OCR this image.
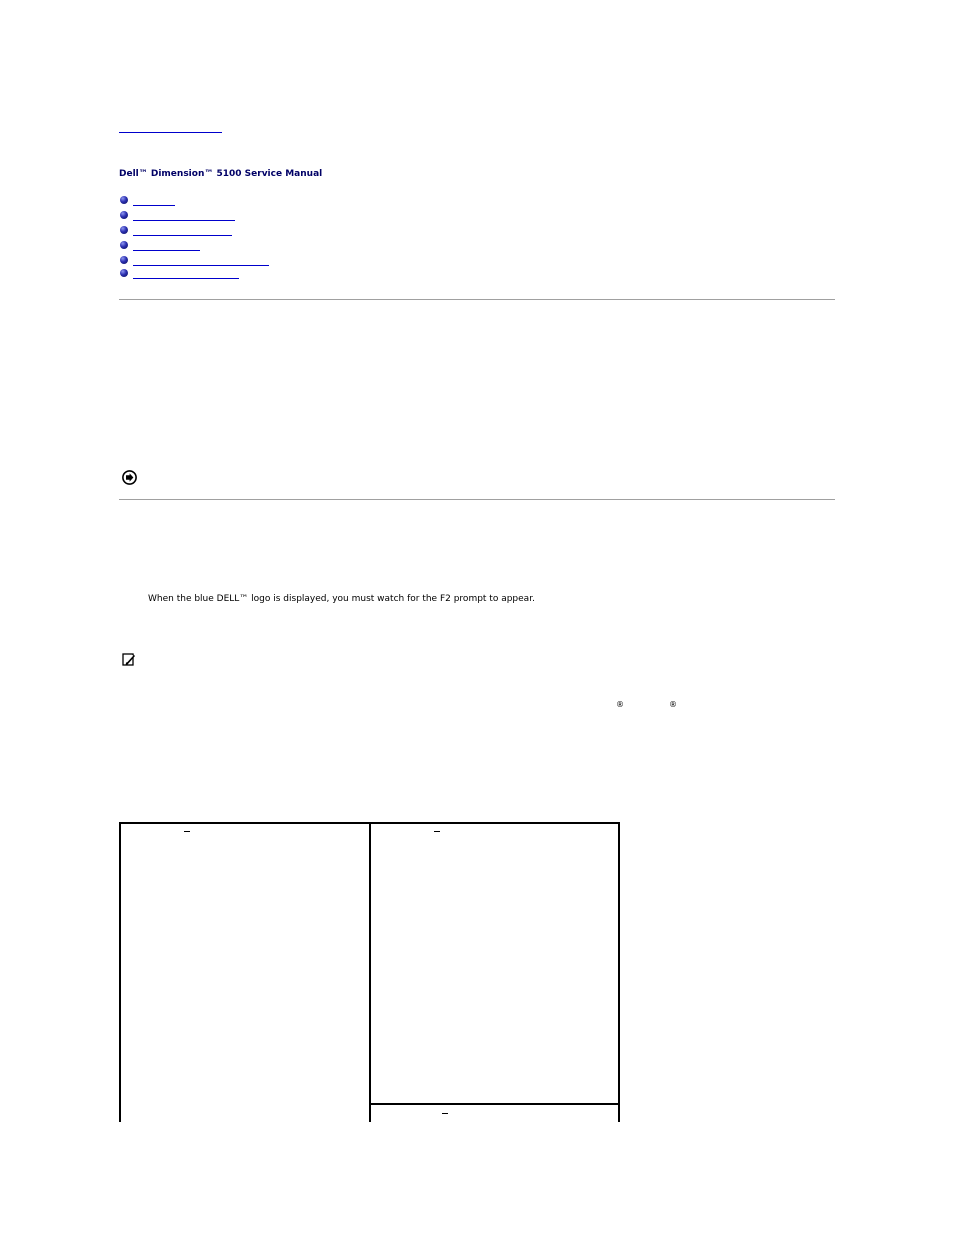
Dell™ Dimension™ 5100 Service Manual
When the blue DELL™ logo is displayed, you must watch for the F2 prompt to appear.
®	®
